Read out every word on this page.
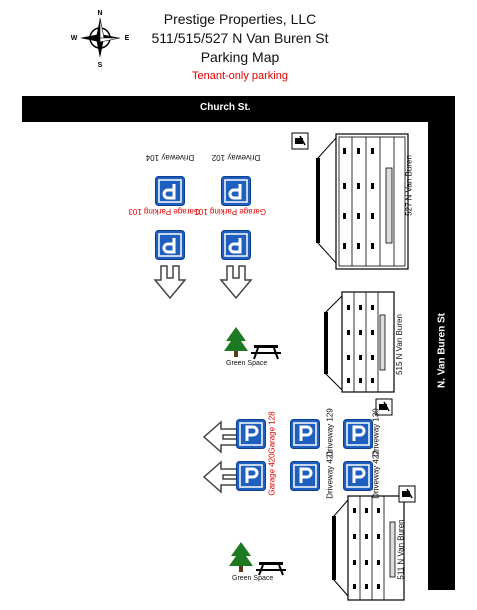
Prestige Properties, LLC
511/515/527 N Van Buren St
Parking Map
Tenant-only parking
N
S
E
W
Church St.
N. Van Buren St
527 N Van Buren
515 N Van Buren
511 N Van Buren
Driveway 104 Driveway 102
Garage Parking 103
Garage Parking 101
Green Space
Green Space
Garage 128
Garage 420
Driveway 129
Driveway 421
Driveway 130
Driveway 422
